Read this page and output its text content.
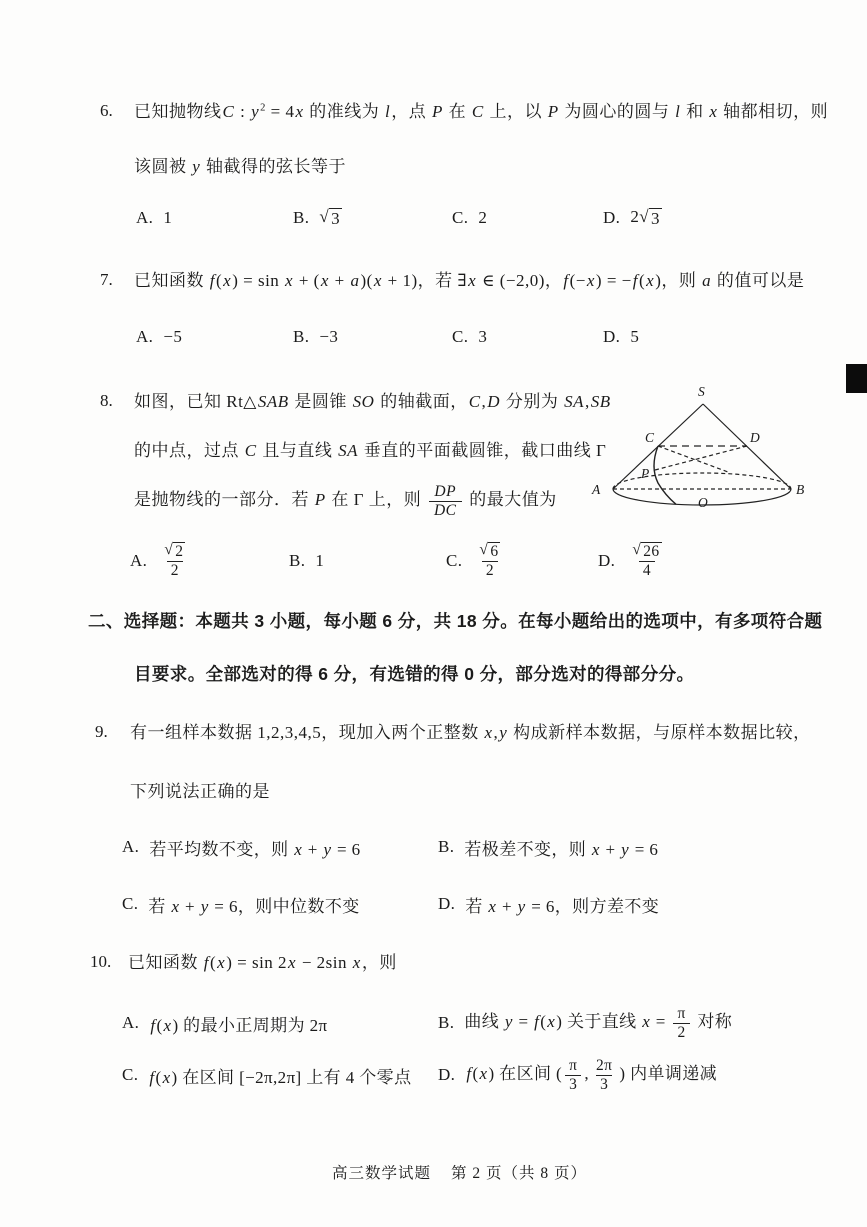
6. 已知抛物线C : $y^2 = 4x$ 的准线为 l，点 P 在 C 上，以 P 为圆心的圆与 l 和 x 轴都相切，则
该圆被 y 轴截得的弦长等于
A. 1	B. √ 3	C. 2	D. 2 √ 3
7. 已知函数 f(x) = sin x + (x + a)(x + 1)，若 ∃x ∈ (−2,0)，f(−x) = −f(x)，则 a 的值可以是
A. −5	B. −3	C. 3	D. 5
8. 如图，已知 Rt△SAB 是圆锥 SO 的轴截面，C,D 分别为 SA,SB
的中点，过点 C 且与直线 SA 垂直的平面截圆锥，截口曲线 Γ
是抛物线的一部分．若 P 在 Γ 上，则 $\frac{DP}{DC}$ 的最大值为
A. $\frac{√ 2}{2}$	B. 1	C. $\frac{√ 6}{2}$	D. $\frac{√ 26}{4}$
S
A	B
O
C	D
P
二、选择题：本题共 3 小题，每小题 6 分，共 18 分。在每小题给出的选项中，有多项符合题
目要求。全部选对的得 6 分，有选错的得 0 分，部分选对的得部分分。
9. 有一组样本数据 1,2,3,4,5，现加入两个正整数 x,y 构成新样本数据，与原样本数据比较，
下列说法正确的是
A. 若平均数不变，则 x + y = 6	B. 若极差不变，则 x + y = 6
C. 若 x + y = 6，则中位数不变	D. 若 x + y = 6，则方差不变
10. 已知函数 f(x) = sin 2x − 2sin x，则
A. f(x) 的最小正周期为 2π	B. 曲线 y = f(x) 关于直线 $x = \frac{\pi}{2}$ 对称
C. f(x) 在区间 [−2π,2π] 上有 4 个零点 D. f(x) 在区间 ( $\frac{\pi}{3}$ , $\frac{2\pi}{3}$ ) 内单调递减
高三数学试题 第 2 页（共 8 页）
